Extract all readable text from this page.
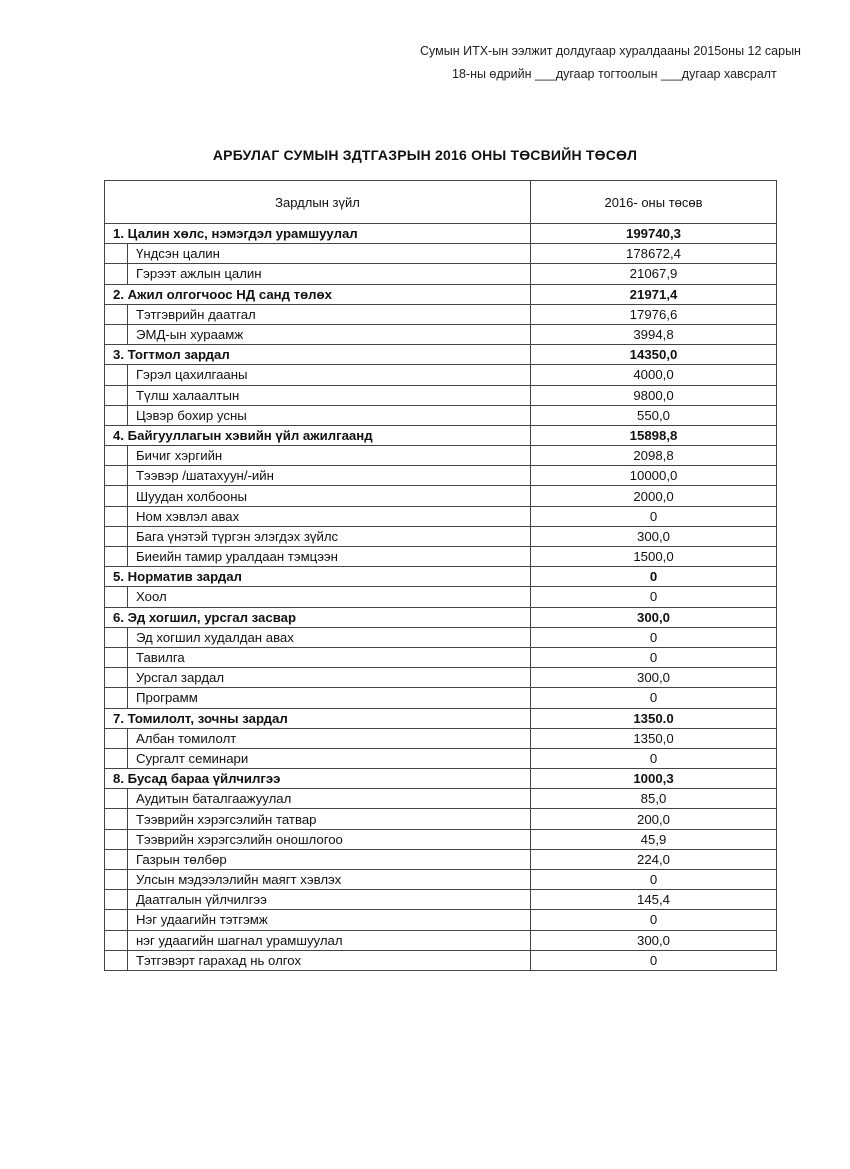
Сумын ИТХ-ын ээлжит долдугаар хуралдааны 2015оны 12 сарын
18-ны өдрийн ___дугаар тогтоолын ___дугаар хавсралт
АРБУЛАГ СУМЫН ЗДТГАЗРЫН 2016 ОНЫ ТӨСВИЙН ТӨСӨЛ
Зардлын зүйл		2016- оны төсөв
1. Цалин хөлс, нэмэгдэл урамшуулал		199740,3
	Үндсэн цалин	178672,4
	Гэрээт ажлын цалин	21067,9
2. Ажил олгогчоос НД санд төлөх		21971,4
	Тэтгэврийн даатгал	17976,6
	ЭМД-ын хураамж	3994,8
3. Тогтмол зардал		14350,0
	Гэрэл цахилгааны	4000,0
	Түлш халаалтын	9800,0
	Цэвэр бохир усны	550,0
4. Байгууллагын хэвийн үйл ажилгаанд		15898,8
	Бичиг хэргийн	2098,8
	Тээвэр /шатахуун/-ийн	10000,0
	Шуудан холбооны	2000,0
	Ном хэвлэл авах	0
	Бага үнэтэй түргэн элэгдэх зүйлс	300,0
	Биеийн тамир уралдаан тэмцээн	1500,0
5. Норматив зардал		0
	Хоол	0
6. Эд хогшил, урсгал засвар		300,0
	Эд хогшил худалдан авах	0
	Тавилга	0
	Урсгал зардал	300,0
	Программ	0
7. Томилолт, зочны зардал		1350.0
	Албан томилолт	1350,0
	Сургалт семинари	0
8. Бусад бараа үйлчилгээ		1000,3
	Аудитын баталгаажуулал	85,0
	Тээврийн хэрэгсэлийн татвар	200,0
	Тээврийн хэрэгсэлийн оношлогоо	45,9
	Газрын төлбөр	224,0
	Улсын мэдээлэлийн маягт хэвлэх	0
	Даатгалын үйлчилгээ	145,4
	Нэг удаагийн тэтгэмж	0
	нэг удаагийн шагнал урамшуулал	300,0
	Тэтгэвэрт гарахад нь олгох	0
